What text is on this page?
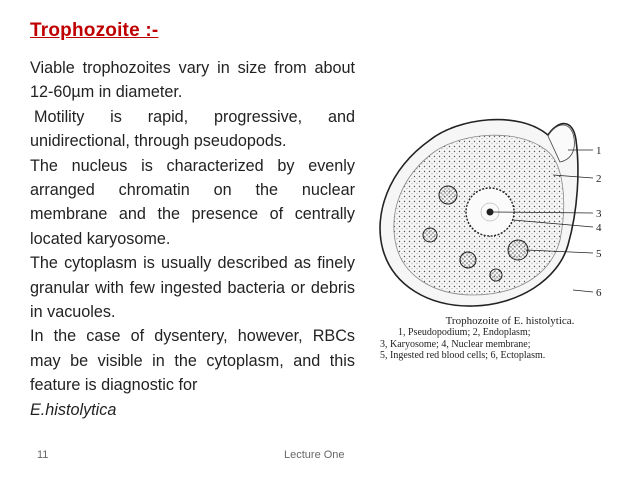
Trophozoite :-

Viable trophozoites vary in size from about 12-60µm in diameter.

Motility is rapid, progressive, and unidirectional, through pseudopods.

The nucleus is characterized by evenly arranged chromatin on the nuclear membrane and the presence of centrally located karyosome.

The cytoplasm is usually described as finely granular with few ingested bacteria or debris in vacuoles.

In the case of dysentery, however, RBCs may be visible in the cytoplasm, and this feature is diagnostic for

E.histolytica

1
2
3
4
5
6
Trophozoite of E. histolytica.
1, Pseudopodium; 2, Endoplasm;
3, Karyosome; 4, Nuclear membrane;
5, Ingested red blood cells; 6, Ectoplasm.
11	Lecture One
